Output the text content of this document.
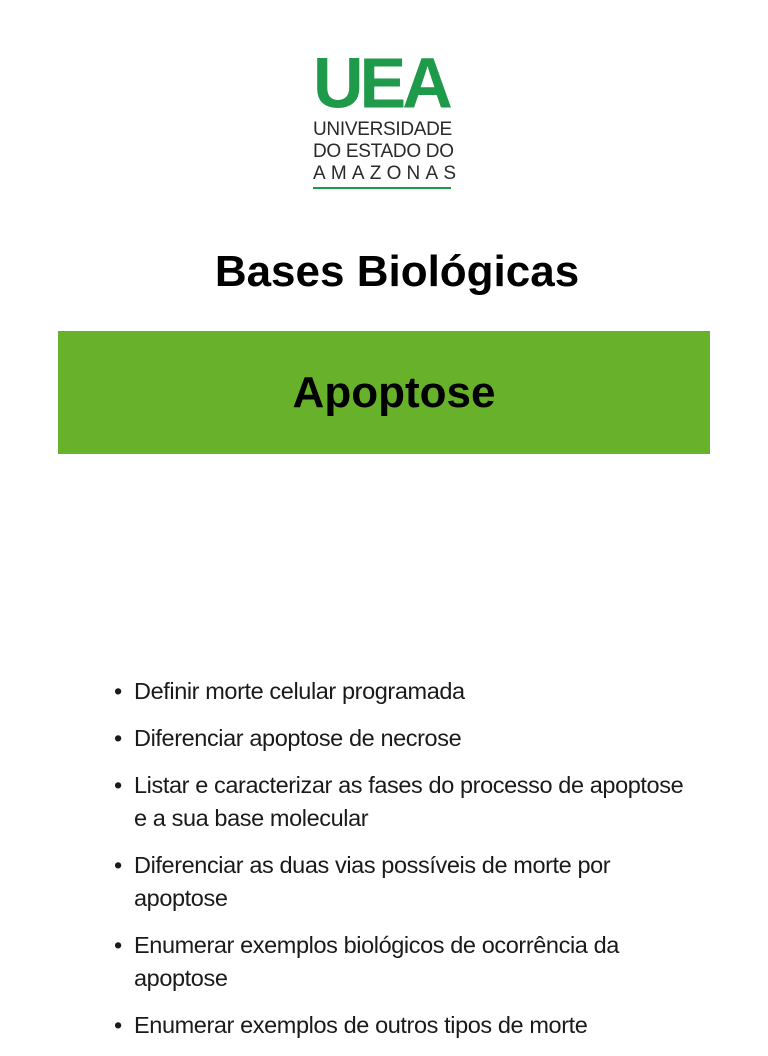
UEA
UNIVERSIDADE
DO ESTADO DO
AMAZONAS
Bases Biológicas
Apoptose
• Definir morte celular programada
• Diferenciar apoptose de necrose
• Listar e caracterizar as fases do processo de apoptose e a sua base molecular
• Diferenciar as duas vias possíveis de morte por apoptose
• Enumerar exemplos biológicos de ocorrência da apoptose
• Enumerar exemplos de outros tipos de morte
